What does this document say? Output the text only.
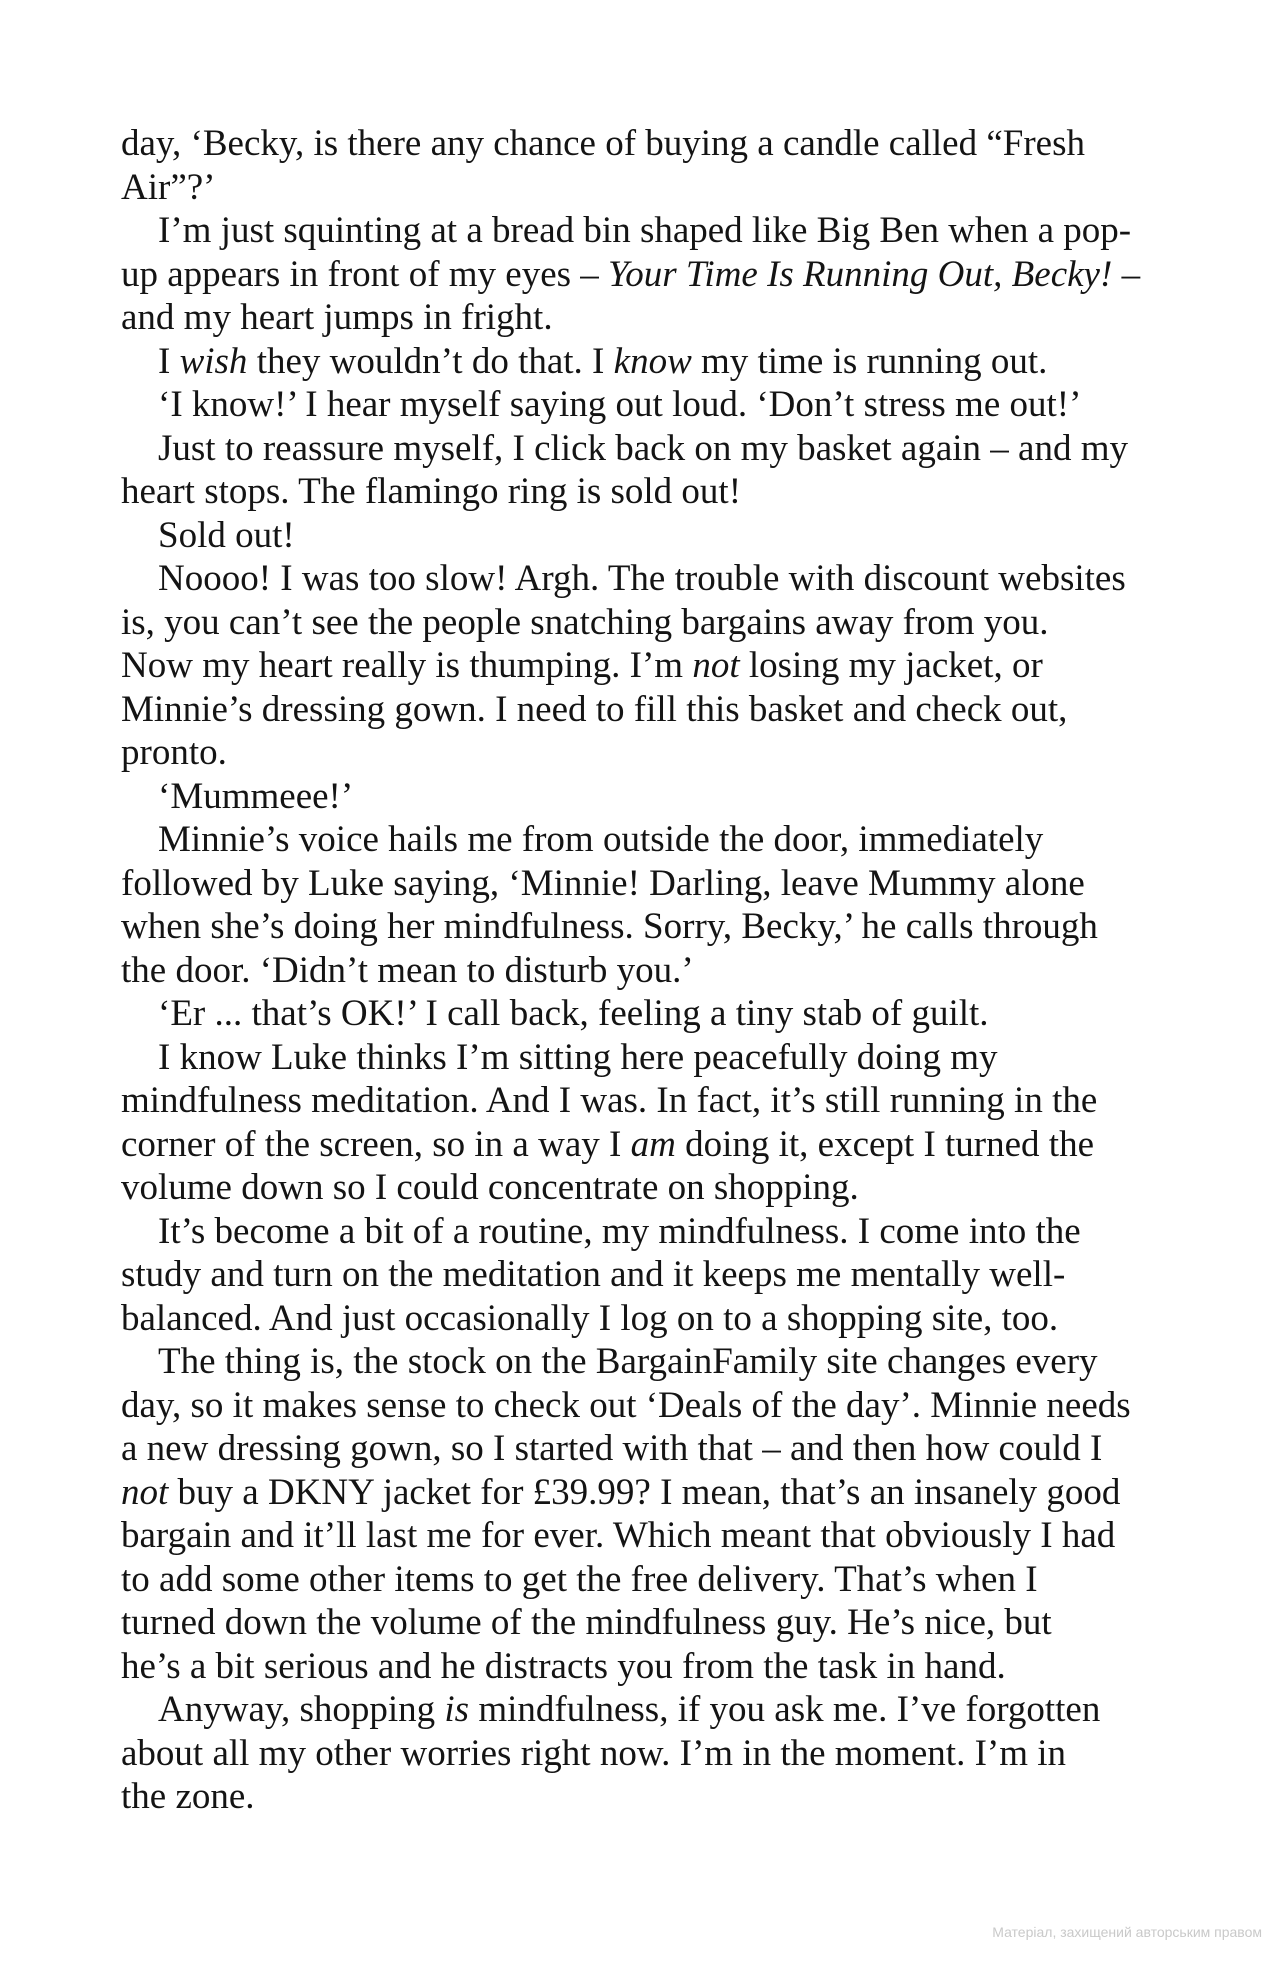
day, ‘Becky, is there any chance of buying a candle called “Fresh
Air”?’
I’m just squinting at a bread bin shaped like Big Ben when a pop-
up appears in front of my eyes – Your Time Is Running Out, Becky! –
and my heart jumps in fright.
I wish they wouldn’t do that. I know my time is running out.
‘I know!’ I hear myself saying out loud. ‘Don’t stress me out!’
Just to reassure myself, I click back on my basket again – and my
heart stops. The flamingo ring is sold out!
Sold out!
Noooo! I was too slow! Argh. The trouble with discount websites
is, you can’t see the people snatching bargains away from you.
Now my heart really is thumping. I’m not losing my jacket, or
Minnie’s dressing gown. I need to fill this basket and check out,
pronto.
‘Mummeee!’
Minnie’s voice hails me from outside the door, immediately
followed by Luke saying, ‘Minnie! Darling, leave Mummy alone
when she’s doing her mindfulness. Sorry, Becky,’ he calls through
the door. ‘Didn’t mean to disturb you.’
‘Er ... that’s OK!’ I call back, feeling a tiny stab of guilt.
I know Luke thinks I’m sitting here peacefully doing my
mindfulness meditation. And I was. In fact, it’s still running in the
corner of the screen, so in a way I am doing it, except I turned the
volume down so I could concentrate on shopping.
It’s become a bit of a routine, my mindfulness. I come into the
study and turn on the meditation and it keeps me mentally well-
balanced. And just occasionally I log on to a shopping site, too.
The thing is, the stock on the BargainFamily site changes every
day, so it makes sense to check out ‘Deals of the day’. Minnie needs
a new dressing gown, so I started with that – and then how could I
not buy a DKNY jacket for £39.99? I mean, that’s an insanely good
bargain and it’ll last me for ever. Which meant that obviously I had
to add some other items to get the free delivery. That’s when I
turned down the volume of the mindfulness guy. He’s nice, but
he’s a bit serious and he distracts you from the task in hand.
Anyway, shopping is mindfulness, if you ask me. I’ve forgotten
about all my other worries right now. I’m in the moment. I’m in
the zone.
Матеріал, захищений авторським правом
